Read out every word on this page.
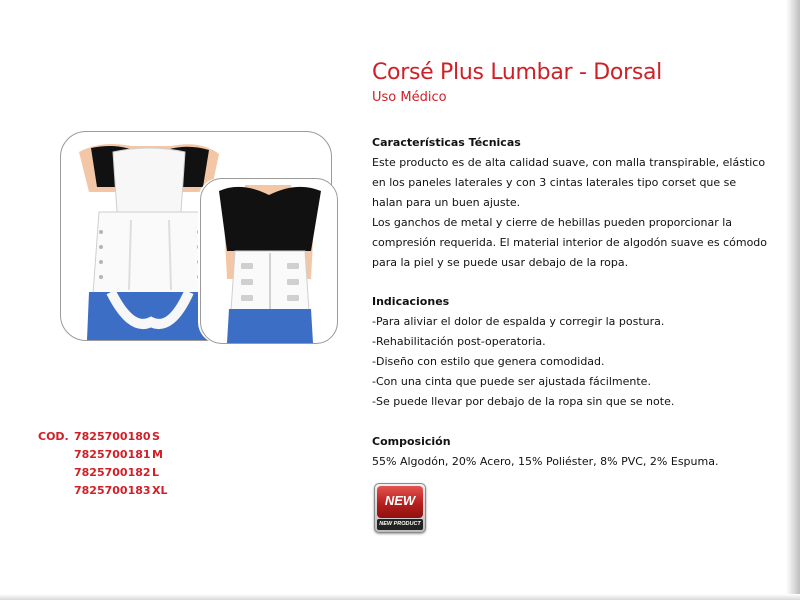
Corsé Plus Lumbar - Dorsal

Uso Médico

Características Técnicas

Este producto es de alta calidad suave, con malla transpirable, elástico en los paneles laterales y con 3 cintas laterales tipo corset que se halan para un buen ajuste.

Los ganchos de metal y cierre de hebillas pueden proporcionar la compresión requerida. El material interior de algodón suave es cómodo para la piel y se puede usar debajo de la ropa.

Indicaciones
-Para aliviar el dolor de espalda y corregir la postura.
-Rehabilitación post-operatoria.
-Diseño con estilo que genera comodidad.
-Con una cinta que puede ser ajustada fácilmente.
-Se puede llevar por debajo de la ropa sin que se note.
Composición

55% Algodón, 20% Acero, 15% Poliéster, 8% PVC, 2% Espuma.

COD. 7825700180 S
7825700181 M
7825700182 L
7825700183 XL
NEW
NEW PRODUCT
